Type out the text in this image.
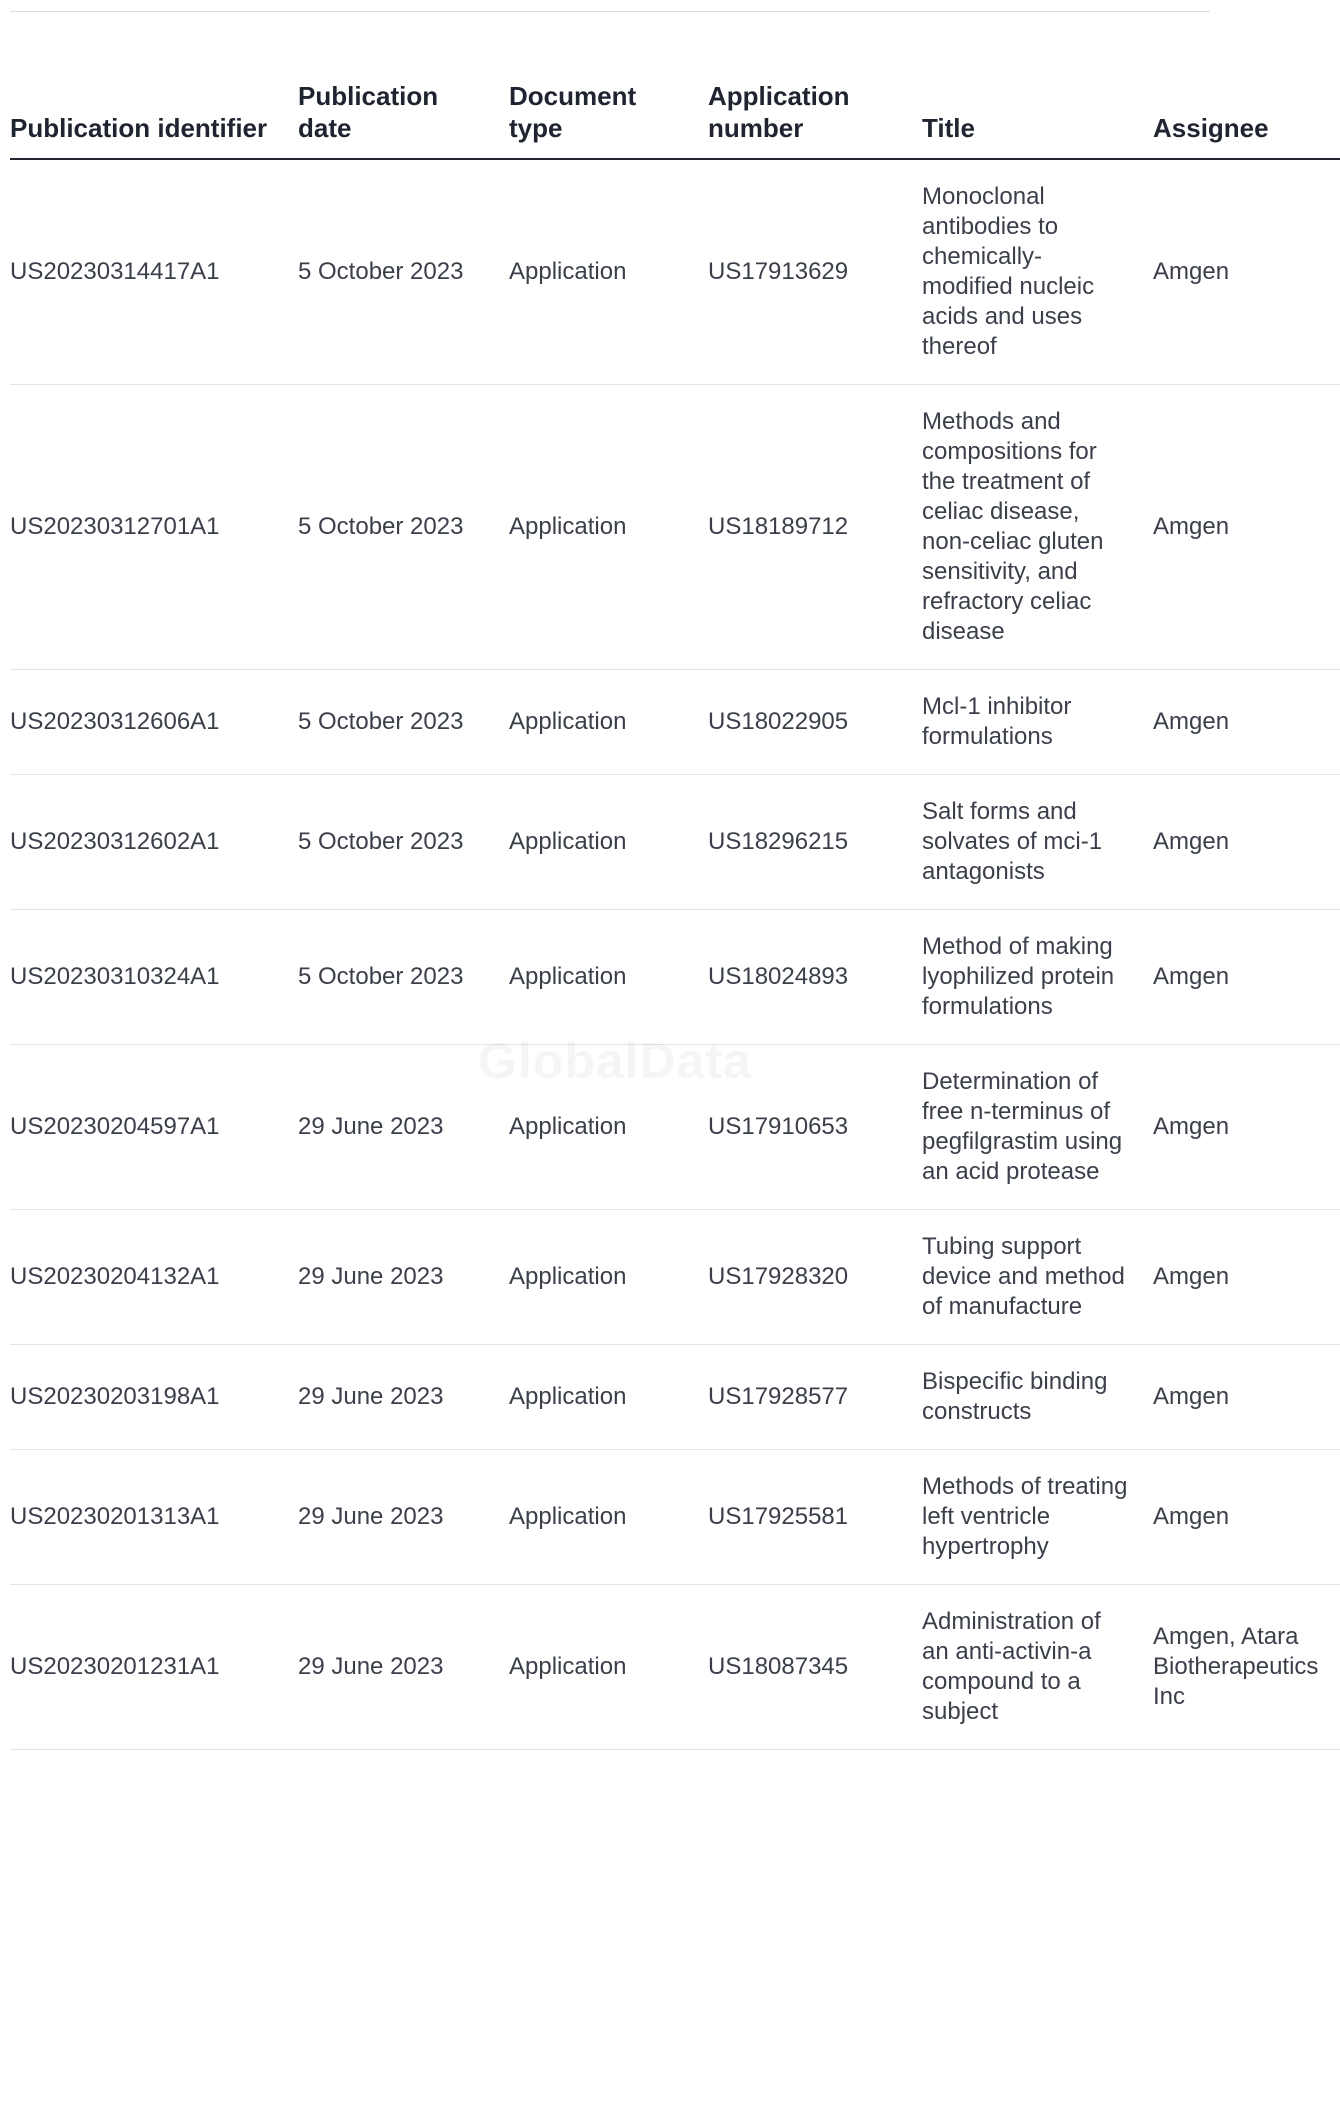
Publication identifier	Publication date	Document type	Application number	Title	Assignee
US20230314417A1	5 October 2023	Application	US17913629	Monoclonal antibodies to chemically-modified nucleic acids and uses thereof	Amgen
US20230312701A1	5 October 2023	Application	US18189712	Methods and compositions for the treatment of celiac disease, non-celiac gluten sensitivity, and refractory celiac disease	Amgen
US20230312606A1	5 October 2023	Application	US18022905	Mcl-1 inhibitor formulations	Amgen
US20230312602A1	5 October 2023	Application	US18296215	Salt forms and solvates of mci-1 antagonists	Amgen
US20230310324A1	5 October 2023	Application	US18024893	Method of making lyophilized protein formulations	Amgen
US20230204597A1	29 June 2023	Application	US17910653	Determination of free n-terminus of pegfilgrastim using an acid protease	Amgen
US20230204132A1	29 June 2023	Application	US17928320	Tubing support device and method of manufacture	Amgen
US20230203198A1	29 June 2023	Application	US17928577	Bispecific binding constructs	Amgen
US20230201313A1	29 June 2023	Application	US17925581	Methods of treating left ventricle hypertrophy	Amgen
US20230201231A1	29 June 2023	Application	US18087345	Administration of an anti-activin-a compound to a subject	Amgen, Atara Biotherapeutics Inc
